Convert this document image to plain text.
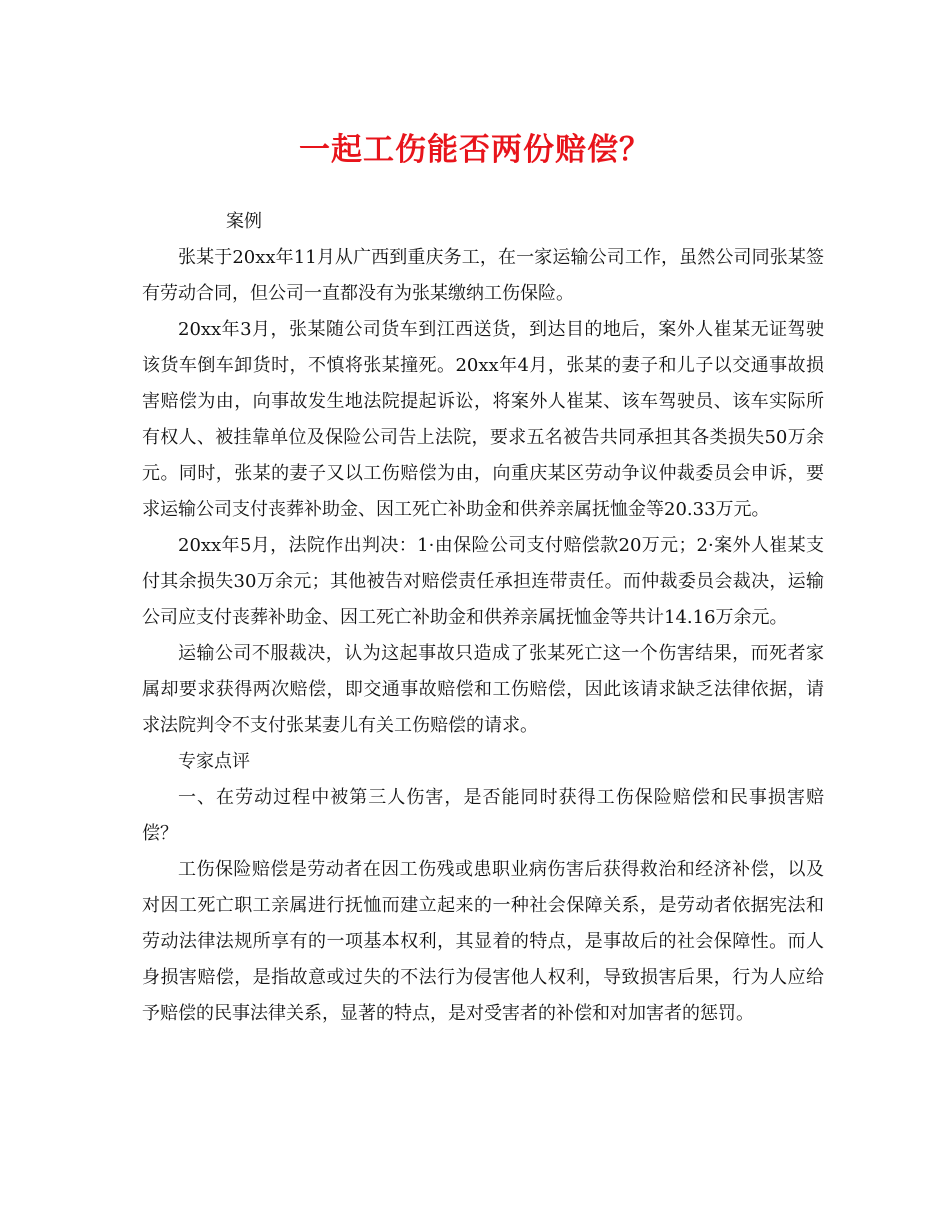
一起工伤能否两份赔偿？

案例

张某于20xx年11月从广西到重庆务工，在一家运输公司工作，虽然公司同张某签有劳动合同，但公司一直都没有为张某缴纳工伤保险。

20xx年3月，张某随公司货车到江西送货，到达目的地后，案外人崔某无证驾驶该货车倒车卸货时，不慎将张某撞死。20xx年4月，张某的妻子和儿子以交通事故损害赔偿为由，向事故发生地法院提起诉讼，将案外人崔某、该车驾驶员、该车实际所有权人、被挂靠单位及保险公司告上法院，要求五名被告共同承担其各类损失50万余元。同时，张某的妻子又以工伤赔偿为由，向重庆某区劳动争议仲裁委员会申诉，要求运输公司支付丧葬补助金、因工死亡补助金和供养亲属抚恤金等20.33万元。

20xx年5月，法院作出判决：1·由保险公司支付赔偿款20万元；2·案外人崔某支付其余损失30万余元；其他被告对赔偿责任承担连带责任。而仲裁委员会裁决，运输公司应支付丧葬补助金、因工死亡补助金和供养亲属抚恤金等共计14.16万余元。

运输公司不服裁决，认为这起事故只造成了张某死亡这一个伤害结果，而死者家属却要求获得两次赔偿，即交通事故赔偿和工伤赔偿，因此该请求缺乏法律依据，请求法院判令不支付张某妻儿有关工伤赔偿的请求。

专家点评

一、在劳动过程中被第三人伤害，是否能同时获得工伤保险赔偿和民事损害赔偿？

工伤保险赔偿是劳动者在因工伤残或患职业病伤害后获得救治和经济补偿，以及对因工死亡职工亲属进行抚恤而建立起来的一种社会保障关系，是劳动者依据宪法和劳动法律法规所享有的一项基本权利，其显着的特点，是事故后的社会保障性。而人身损害赔偿，是指故意或过失的不法行为侵害他人权利，导致损害后果，行为人应给予赔偿的民事法律关系，显著的特点，是对受害者的补偿和对加害者的惩罚。
